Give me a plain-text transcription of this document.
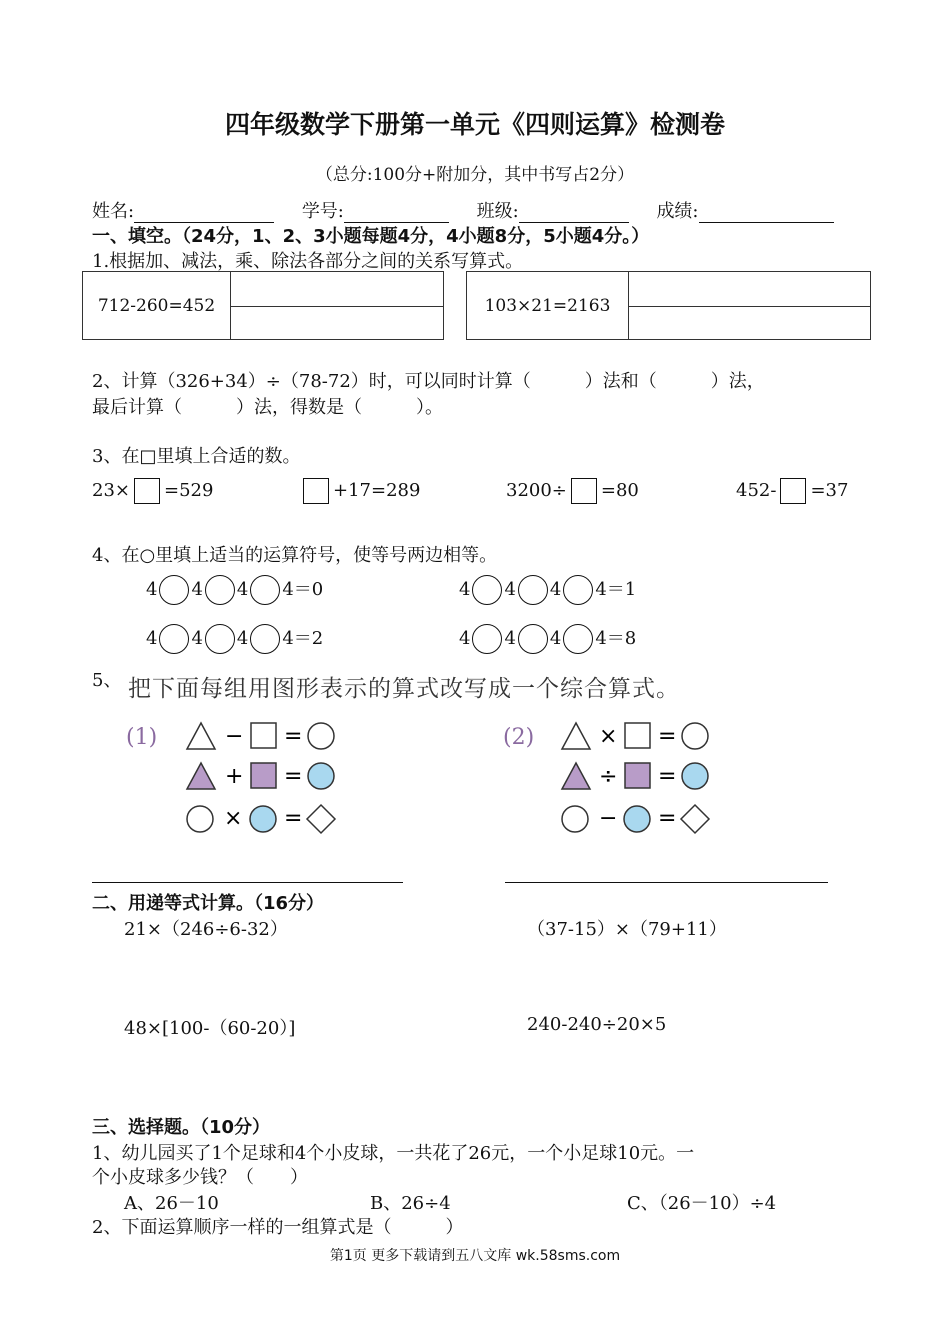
四年级数学下册第一单元《四则运算》检测卷
（总分:100分+附加分，其中书写占2分）
姓名:	学号:	班级:	成绩:
一、填空。（24分，1、2、3小题每题4分，4小题8分，5小题4分。）
1.根据加、减法，乘、除法各部分之间的关系写算式。
712-260=452	103×21=2163
2、计算（326+34）÷（78-72）时，可以同时计算（　　　）法和（　　　）法，
最后计算（　　　）法，得数是（　　　）。
3、在□里填上合适的数。
23× =529	+17=289	3200÷ =80	452- =37
4、在○里填上适当的运算符号，使等号两边相等。
4 4 4 4＝0	4 4 4 4＝1
4 4 4 4＝2	4 4 4 4＝8
5、 把下面每组用图形表示的算式改写成一个综合算式。
(1)	− =
+ =
× =
(2)	× =
÷ =
− =
二、用递等式计算。（16分）
21×（246÷6-32）	（37-15）×（79+11）
48×[100-（60-20）]	240-240÷20×5
三、选择题。（10分）
1、幼儿园买了1个足球和4个小皮球，一共花了26元，一个小足球10元。一
个小皮球多少钱？（　　）
A、26－10	B、26÷4	C、（26－10）÷4
2、下面运算顺序一样的一组算式是（　　　）
第1页 更多下载请到五八文库 wk.58sms.com
